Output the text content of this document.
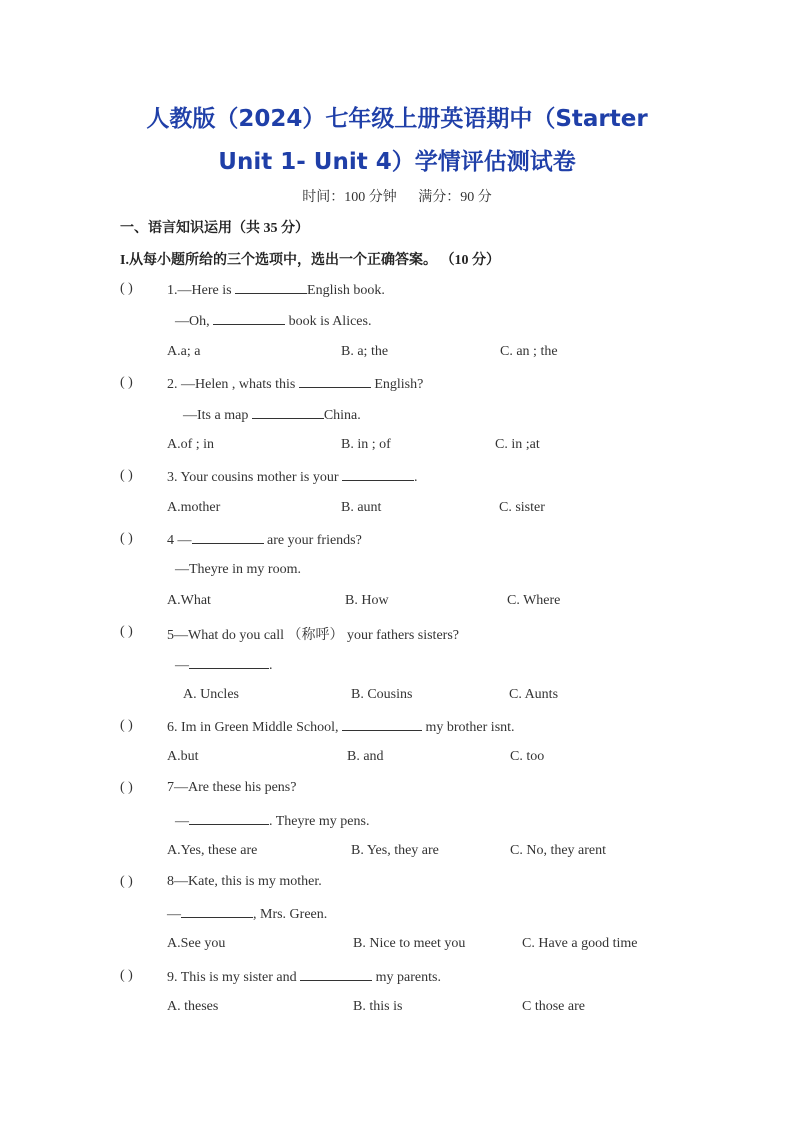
人教版（2024）七年级上册英语期中（Starter
Unit 1- Unit 4）学情评估测试卷
时间：100 分钟 满分：90 分
一、语言知识运用（共 35 分）
I.从每小题所给的三个选项中，选出一个正确答案。 （10 分）
( ) 1.—Here is	English book.
—Oh,	book is Alices.
A.a; a	B. a; the	C. an ; the
( ) 2. —Helen , whats this	English?
—Its a map	China.
A.of ; in	B. in ; of	C. in ;at
( ) 3. Your cousins mother is your	.
A.mother	B. aunt	C. sister
( ) 4 —	are your friends?
—Theyre in my room.
A.What	B. How	C. Where
( ) 5—What do you call （称呼） your fathers sisters?
—	.
A. Uncles	B. Cousins	C. Aunts
( ) 6. Im in Green Middle School,	my brother isnt.
A.but	B. and	C. too
( ) 7—Are these his pens?
—	. Theyre my pens.
A.Yes, these are	B. Yes, they are	C. No, they arent
( ) 8—Kate, this is my mother.
—	, Mrs. Green.
A.See you	B. Nice to meet you	C. Have a good time
( ) 9. This is my sister and	my parents.
A. theses	B. this is	C those are
